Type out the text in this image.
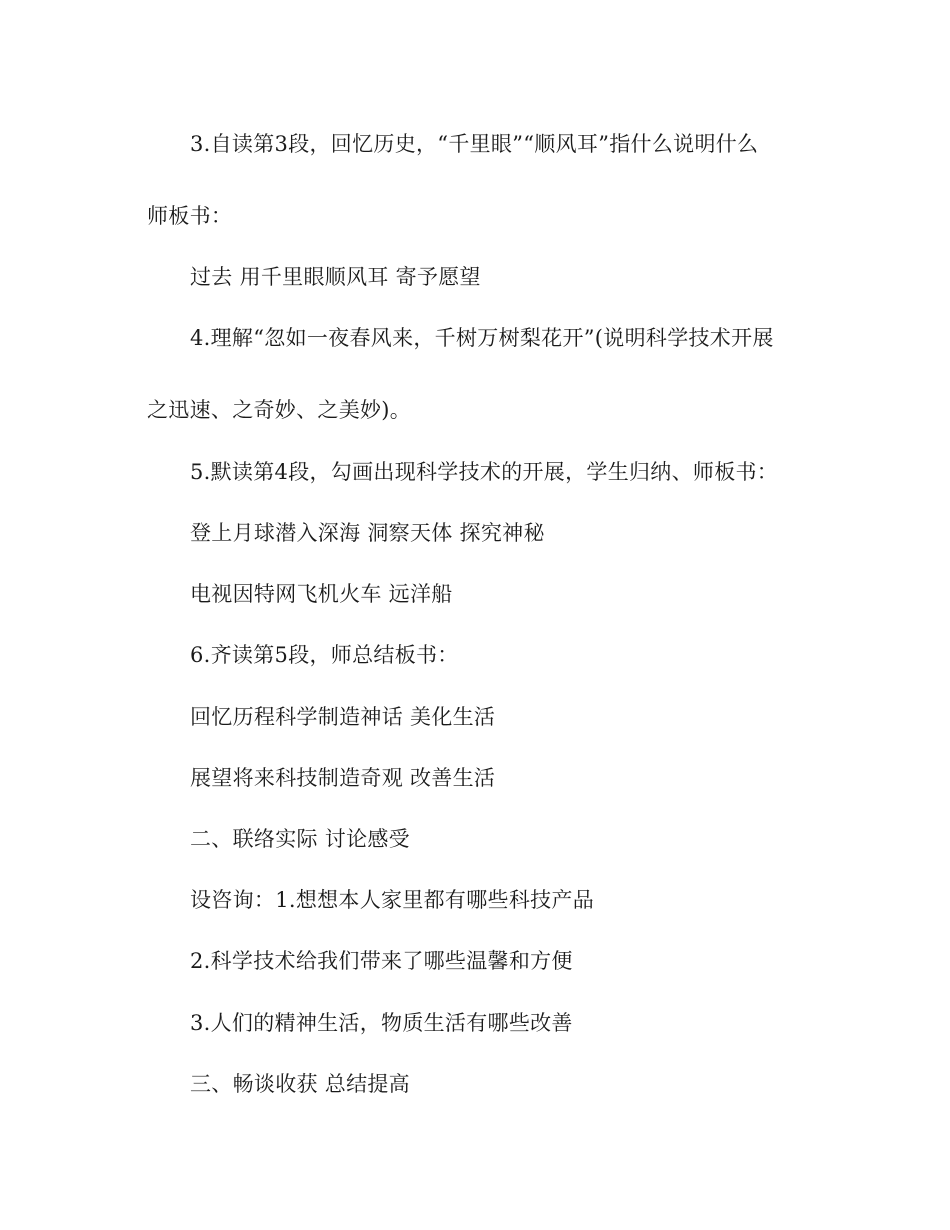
3.自读第3段，回忆历史，“千里眼”“顺风耳”指什么说明什么
师板书：
过去 用千里眼顺风耳 寄予愿望
4.理解“忽如一夜春风来，千树万树梨花开”(说明科学技术开展
之迅速、之奇妙、之美妙)。
5.默读第4段，勾画出现科学技术的开展，学生归纳、师板书：
登上月球潜入深海 洞察天体 探究神秘
电视因特网飞机火车 远洋船
6.齐读第5段，师总结板书：
回忆历程科学制造神话 美化生活
展望将来科技制造奇观 改善生活
二、联络实际 讨论感受
设咨询：1.想想本人家里都有哪些科技产品
2.科学技术给我们带来了哪些温馨和方便
3.人们的精神生活，物质生活有哪些改善
三、畅谈收获 总结提高
